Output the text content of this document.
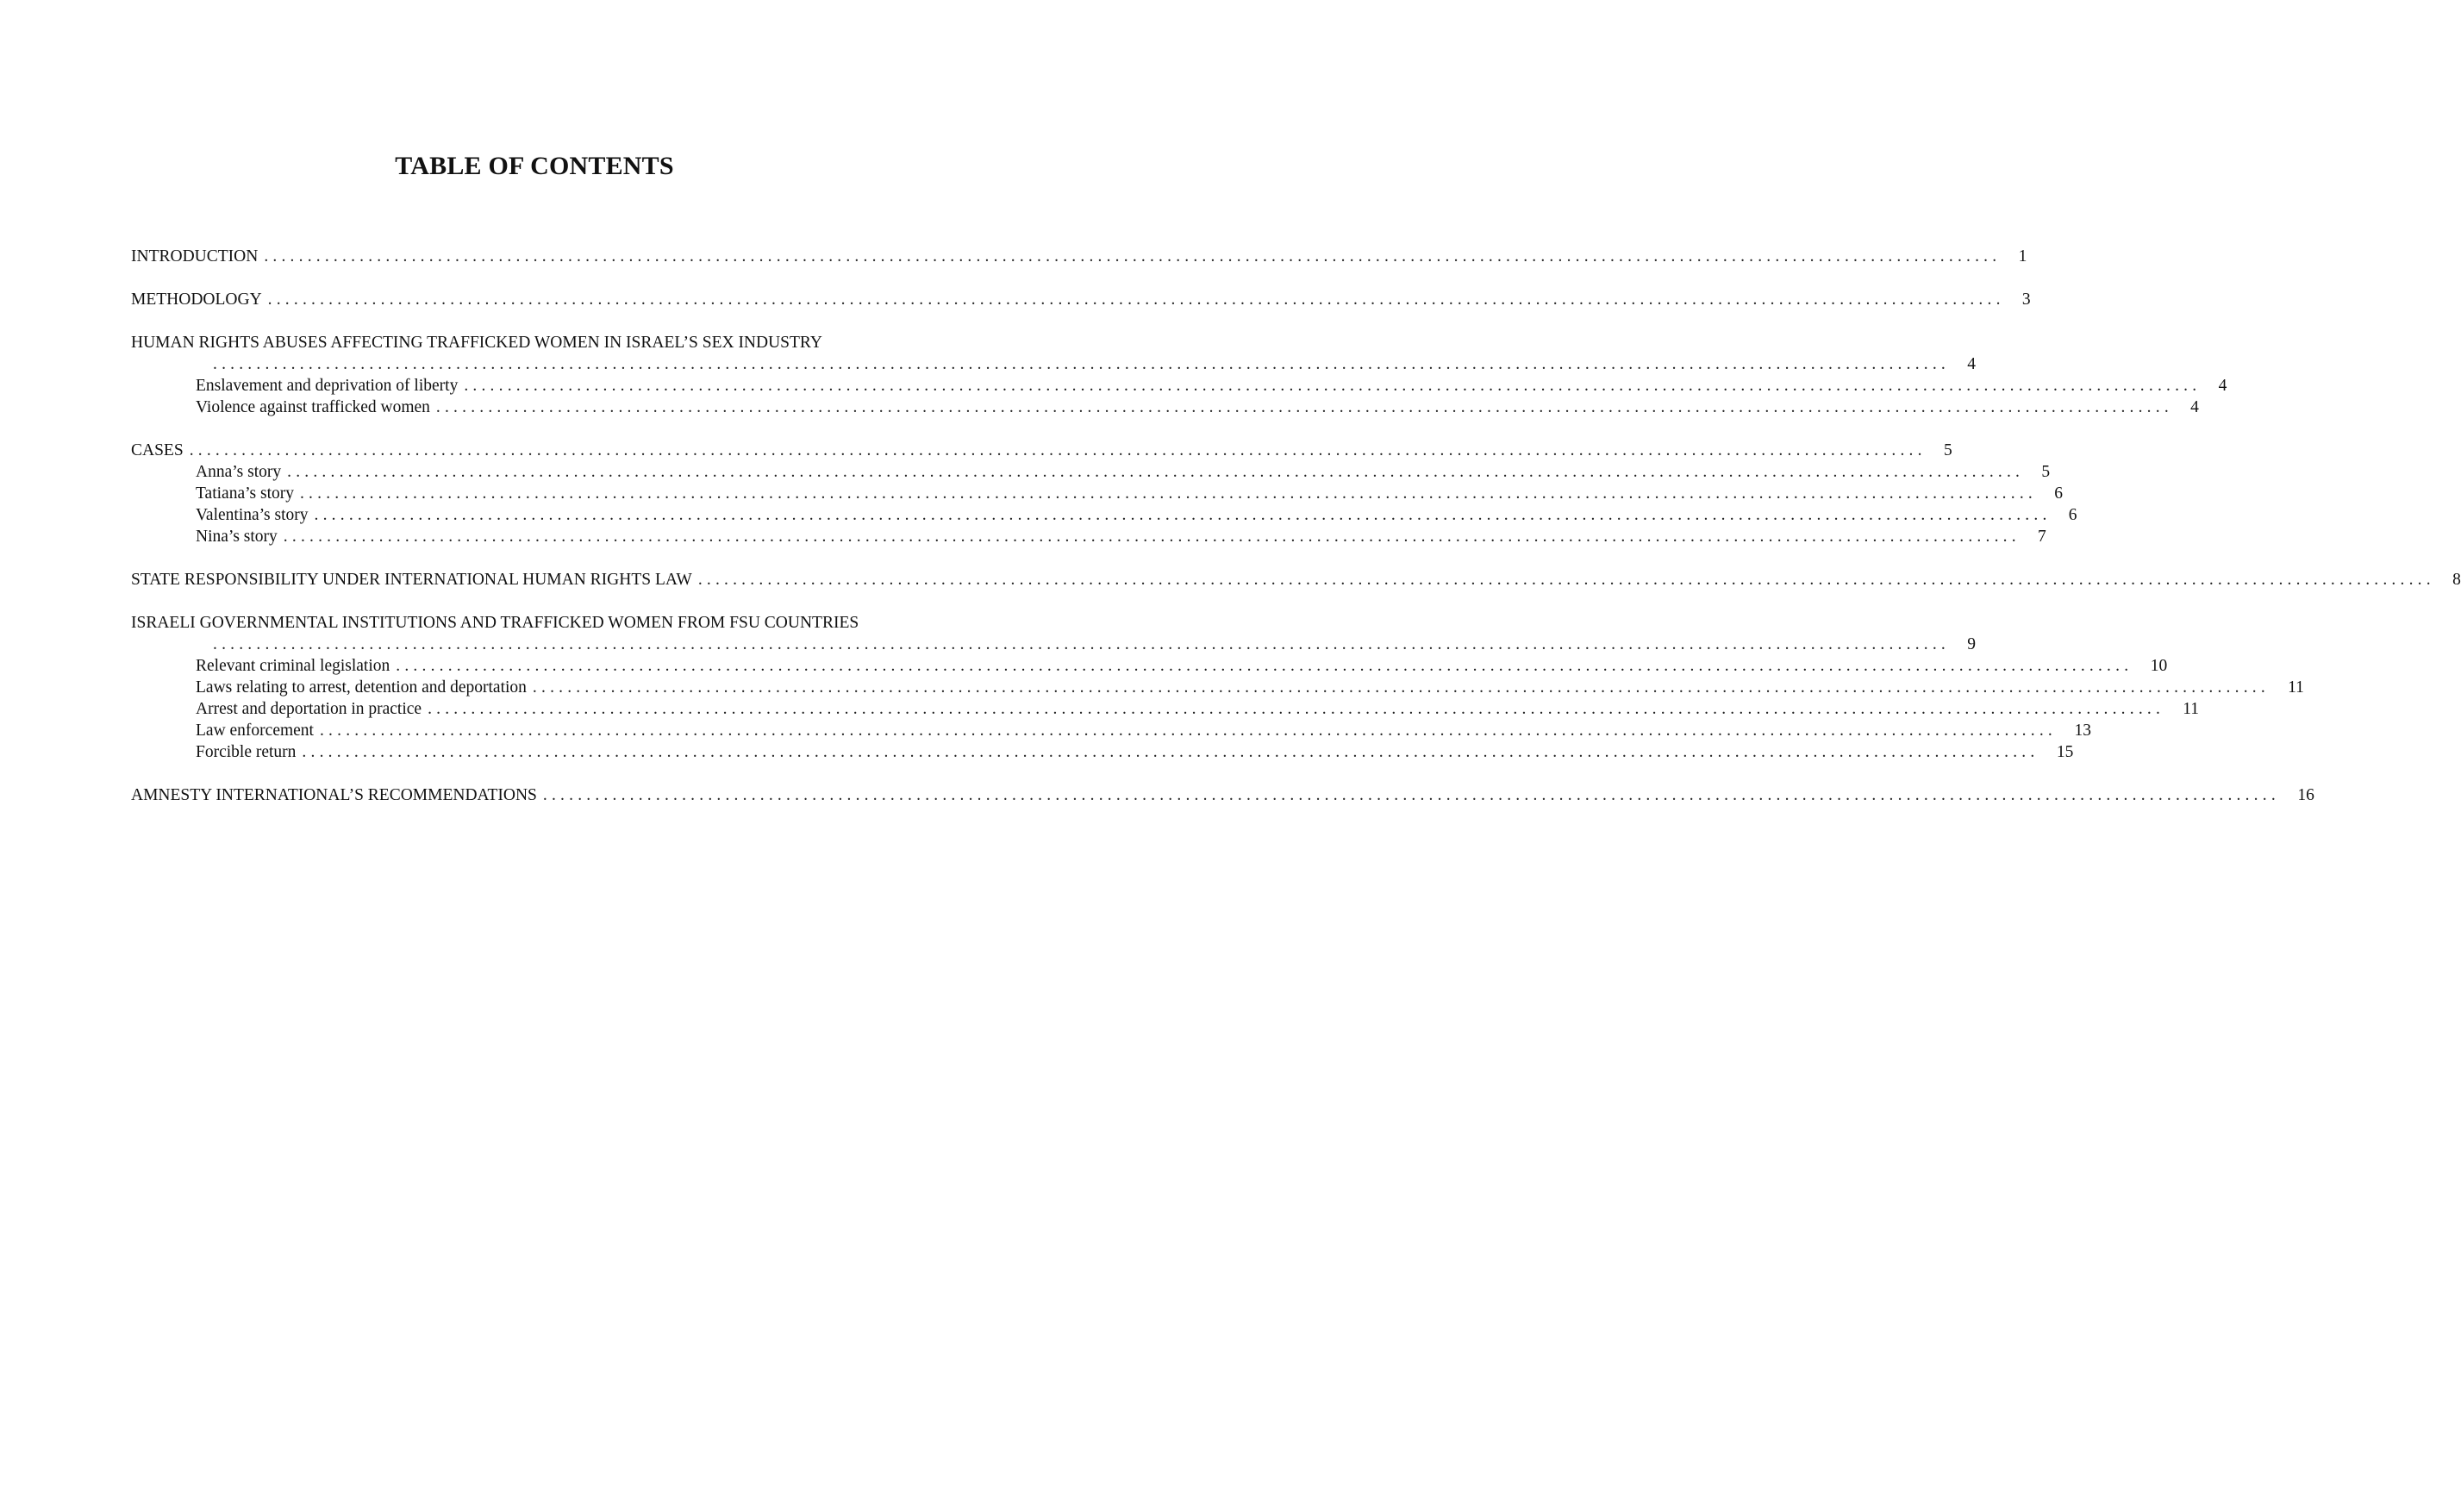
TABLE OF CONTENTS
INTRODUCTION ........................................................................................................................................................................................................	1
METHODOLOGY ........................................................................................................................................................................................................	3
HUMAN RIGHTS ABUSES AFFECTING TRAFFICKED WOMEN IN ISRAEL’S SEX INDUSTRY
........................................................................................................................................................................................................	4
Enslavement and deprivation of liberty ........................................................................................................................................................................................................	4
Violence against trafficked women ........................................................................................................................................................................................................	4
CASES ........................................................................................................................................................................................................	5
Anna’s story ........................................................................................................................................................................................................	5
Tatiana’s story ........................................................................................................................................................................................................	6
Valentina’s story ........................................................................................................................................................................................................	6
Nina’s story ........................................................................................................................................................................................................	7
STATE RESPONSIBILITY UNDER INTERNATIONAL HUMAN RIGHTS LAW ........................................................................................................................................................................................................	8
ISRAELI GOVERNMENTAL INSTITUTIONS AND TRAFFICKED WOMEN FROM FSU COUNTRIES
........................................................................................................................................................................................................	9
Relevant criminal legislation ........................................................................................................................................................................................................	10
Laws relating to arrest, detention and deportation ........................................................................................................................................................................................................	11
Arrest and deportation in practice ........................................................................................................................................................................................................	11
Law enforcement ........................................................................................................................................................................................................	13
Forcible return ........................................................................................................................................................................................................	15
AMNESTY INTERNATIONAL’S RECOMMENDATIONS ........................................................................................................................................................................................................	16
